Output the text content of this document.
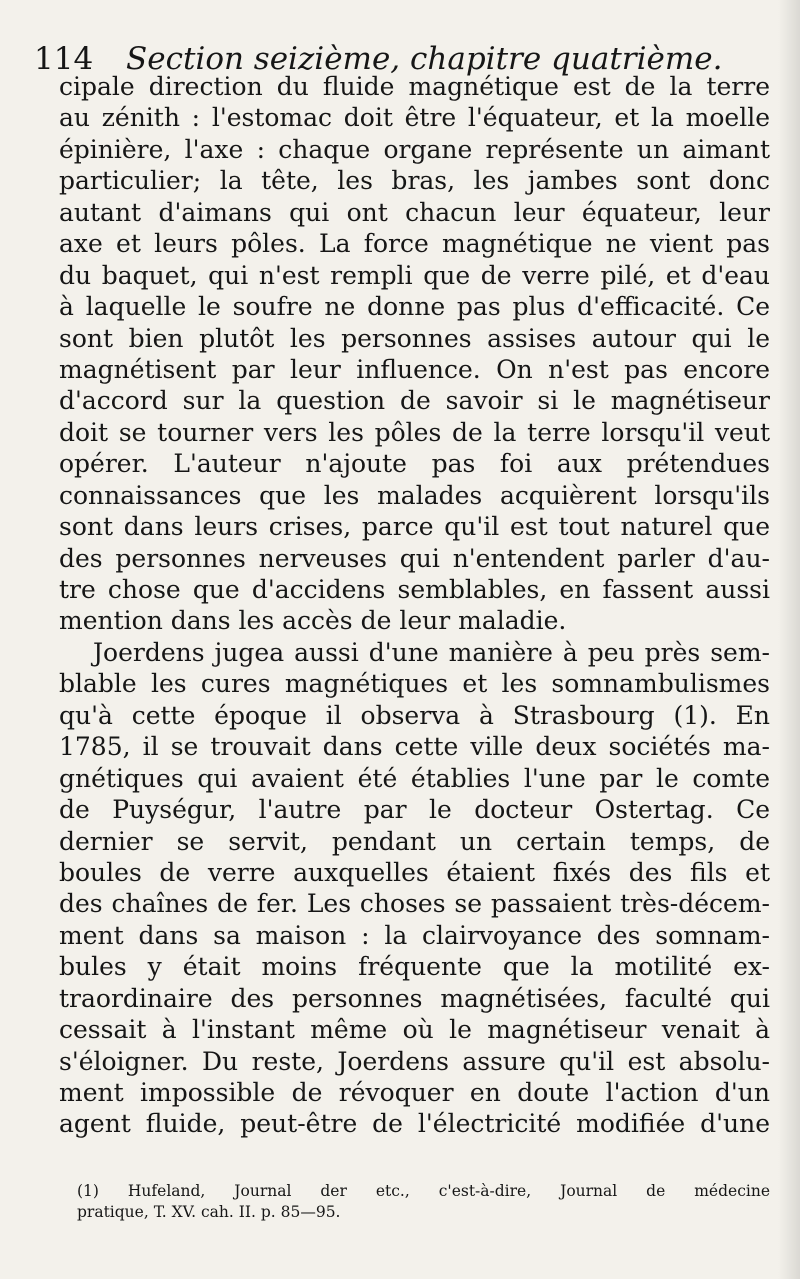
114 Section seizième, chapitre quatrième.
cipale direction du fluide magnétique est de la terre
au zénith : l'estomac doit être l'équateur, et la moelle
épinière, l'axe : chaque organe représente un aimant
particulier; la tête, les bras, les jambes sont donc
autant d'aimans qui ont chacun leur équateur, leur
axe et leurs pôles. La force magnétique ne vient pas
du baquet, qui n'est rempli que de verre pilé, et d'eau
à laquelle le soufre ne donne pas plus d'efficacité. Ce
sont bien plutôt les personnes assises autour qui le
magnétisent par leur influence. On n'est pas encore
d'accord sur la question de savoir si le magnétiseur
doit se tourner vers les pôles de la terre lorsqu'il veut
opérer. L'auteur n'ajoute pas foi aux prétendues
connaissances que les malades acquièrent lorsqu'ils
sont dans leurs crises, parce qu'il est tout naturel que
des personnes nerveuses qui n'entendent parler d'au-
tre chose que d'accidens semblables, en fassent aussi
mention dans les accès de leur maladie.
Joerdens jugea aussi d'une manière à peu près sem-
blable les cures magnétiques et les somnambulismes
qu'à cette époque il observa à Strasbourg (1). En
1785, il se trouvait dans cette ville deux sociétés ma-
gnétiques qui avaient été établies l'une par le comte
de Puységur, l'autre par le docteur Ostertag. Ce
dernier se servit, pendant un certain temps, de
boules de verre auxquelles étaient fixés des fils et
des chaînes de fer. Les choses se passaient très-décem-
ment dans sa maison : la clairvoyance des somnam-
bules y était moins fréquente que la motilité ex-
traordinaire des personnes magnétisées, faculté qui
cessait à l'instant même où le magnétiseur venait à
s'éloigner. Du reste, Joerdens assure qu'il est absolu-
ment impossible de révoquer en doute l'action d'un
agent fluide, peut-être de l'électricité modifiée d'une
(1) Hufeland, Journal der etc., c'est-à-dire, Journal de médecine
pratique, T. XV. cah. II. p. 85—95.
